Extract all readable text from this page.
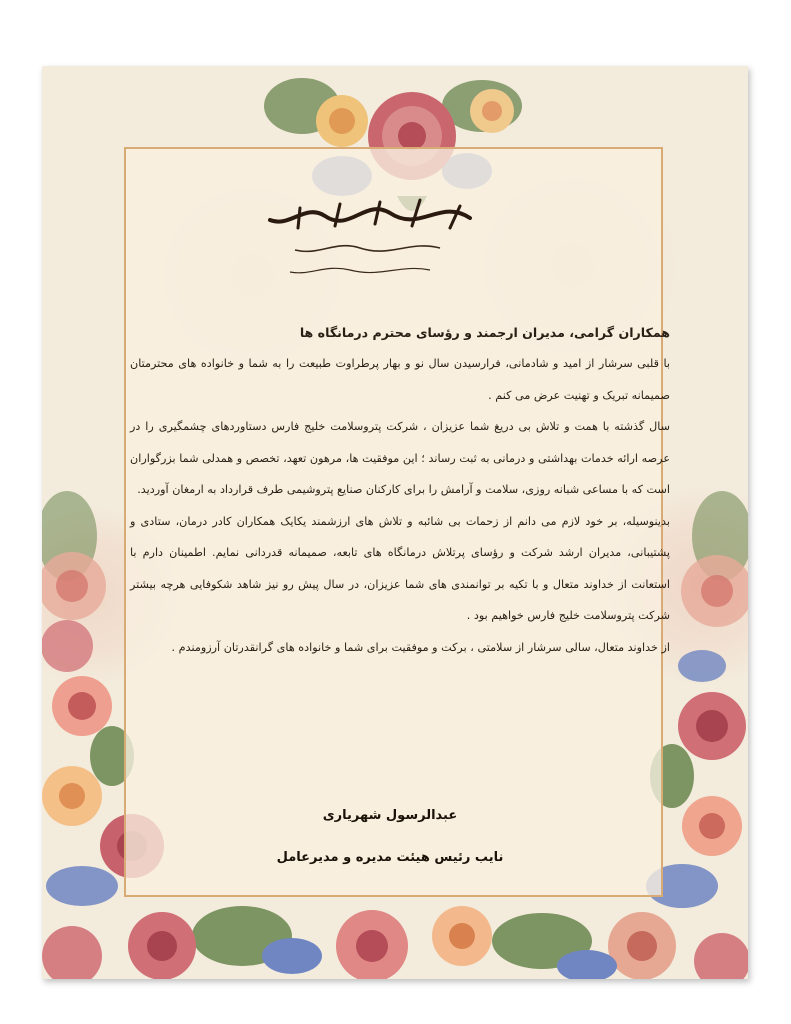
همکاران گرامی، مدیران ارجمند و رؤسای محترم درمانگاه ها

با قلبی سرشار از امید و شادمانی، فرارسیدن سال نو و بهار پرطراوت طبیعت را به شما و خانواده های محترمتان صمیمانه تبریک و تهنیت عرض می کنم .

سال گذشته با همت و تلاش بی دریغ شما عزیزان ، شرکت پتروسلامت خلیج فارس دستاوردهای چشمگیری را در عرصه ارائه خدمات بهداشتی و درمانی به ثبت رساند ؛ این موفقیت ها، مرهون تعهد، تخصص و همدلی شما بزرگواران است که با مساعی شبانه روزی، سلامت و آرامش را برای کارکنان صنایع پتروشیمی طرف قرارداد به ارمغان آوردید.

بدینوسیله، بر خود لازم می دانم از زحمات بی شائبه و تلاش های ارزشمند یکایک همکاران کادر درمان، ستادی و پشتیبانی، مدیران ارشد شرکت و رؤسای پرتلاش درمانگاه های تابعه، صمیمانه قدردانی نمایم. اطمینان دارم با استعانت از خداوند متعال و با تکیه بر توانمندی های شما عزیزان، در سال پیش رو نیز شاهد شکوفایی هرچه بیشتر شرکت پتروسلامت خلیج فارس خواهیم بود .

از خداوند متعال، سالی سرشار از سلامتی ، برکت و موفقیت برای شما و خانواده های گرانقدرتان آرزومندم .

عبدالرسول شهریاری
نایب رئیس هیئت مدیره و مدیرعامل
